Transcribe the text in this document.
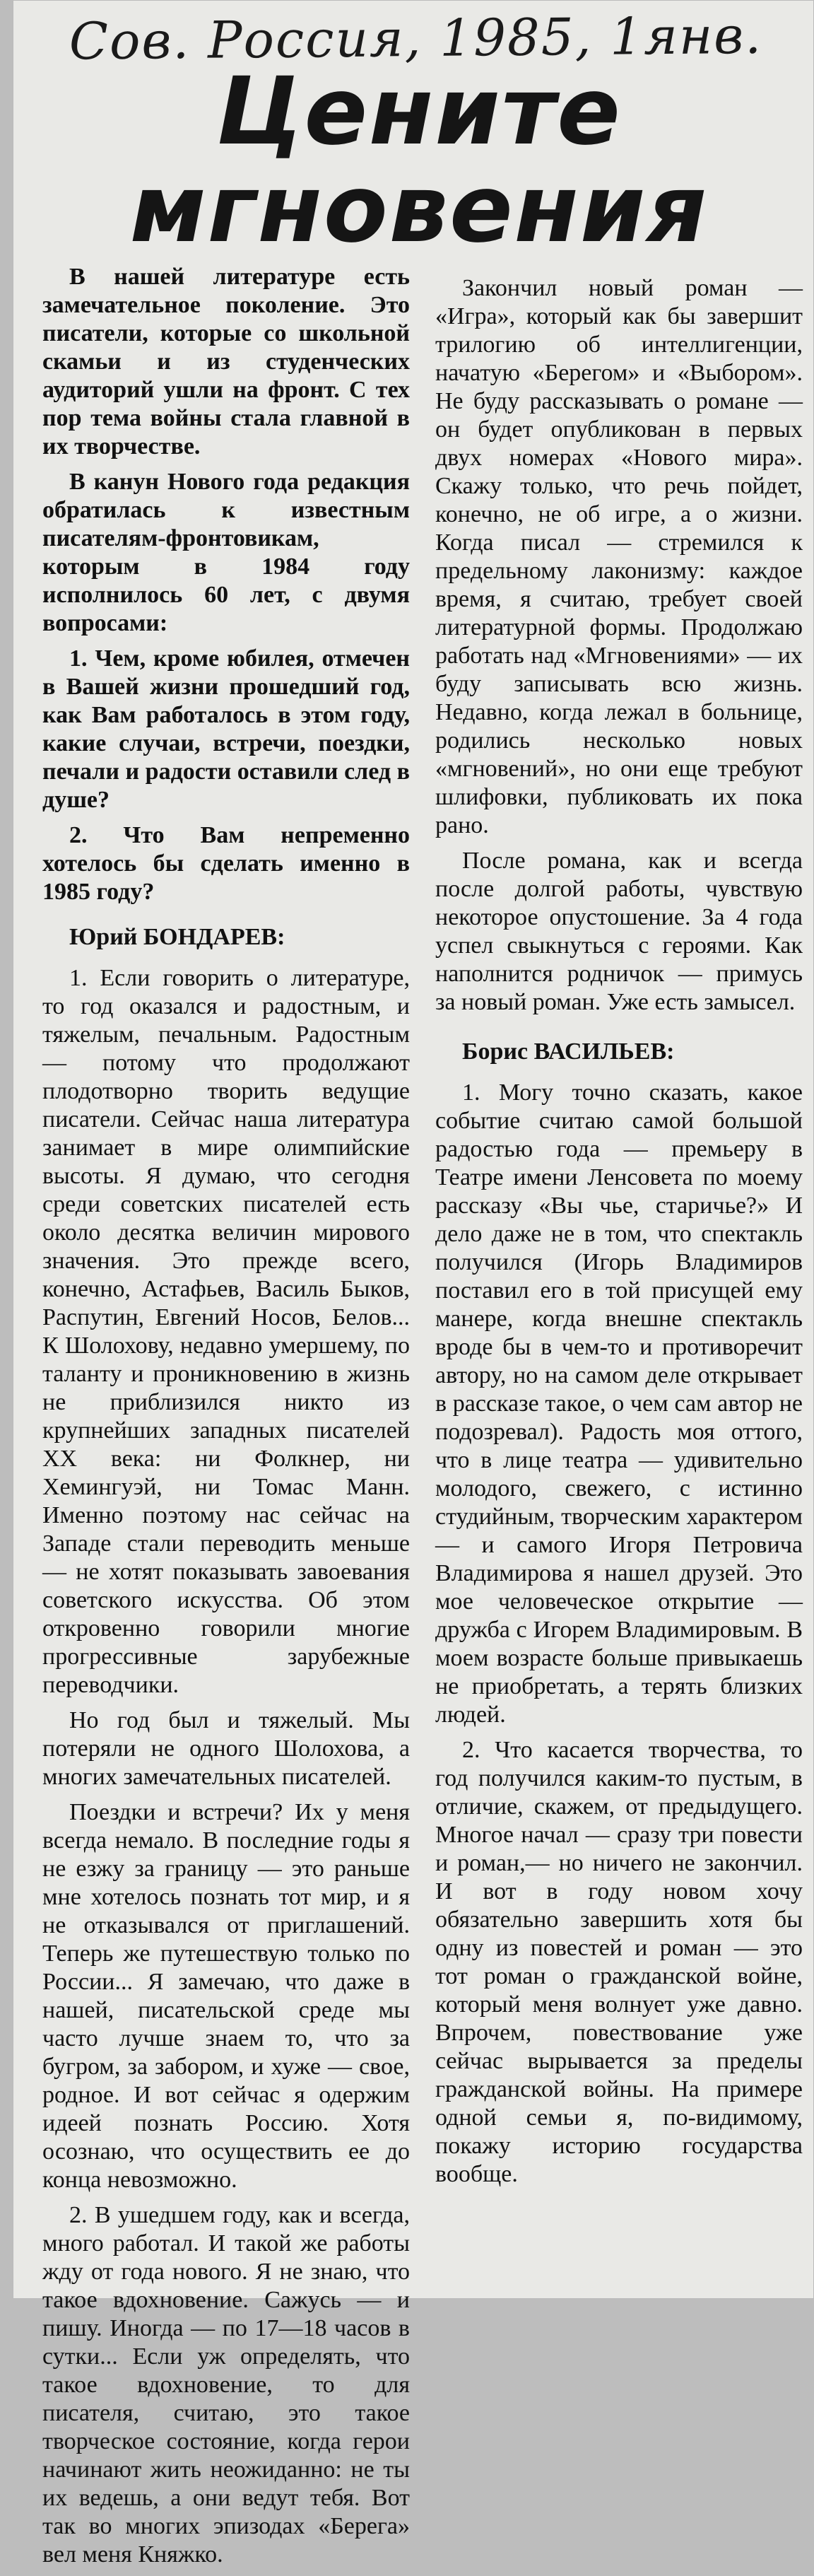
Сов. Россия, 1985, 1янв.
Цените
мгновения

В нашей литературе есть замечательное поколение. Это писатели, которые со школьной скамьи и из студенческих аудиторий ушли на фронт. С тех пор тема войны стала главной в их творчестве.

В канун Нового года редакция обратилась к известным писателям-фронтовикам, которым в 1984 году исполнилось 60 лет, с двумя вопросами:

1. Чем, кроме юбилея, отмечен в Вашей жизни прошедший год, как Вам работалось в этом году, какие случаи, встречи, поездки, печали и радости оставили след в душе?

2. Что Вам непременно хотелось бы сделать именно в 1985 году?

Юрий БОНДАРЕВ:

1. Если говорить о литературе, то год оказался и радостным, и тяжелым, печальным. Радостным — потому что продолжают плодотворно творить ведущие писатели. Сейчас наша литература занимает в мире олимпийские высоты. Я думаю, что сегодня среди советских писателей есть около десятка величин мирового значения. Это прежде всего, конечно, Астафьев, Василь Быков, Распутин, Евгений Носов, Белов... К Шолохову, недавно умершему, по таланту и проникновению в жизнь не приблизился никто из крупнейших западных писателей XX века: ни Фолкнер, ни Хемингуэй, ни Томас Манн. Именно поэтому нас сейчас на Западе стали переводить меньше — не хотят показывать завоевания советского искусства. Об этом откровенно говорили многие прогрессивные зарубежные переводчики.

Но год был и тяжелый. Мы потеряли не одного Шолохова, а многих замечательных писателей.

Поездки и встречи? Их у меня всегда немало. В последние годы я не езжу за границу — это раньше мне хотелось познать тот мир, и я не отказывался от приглашений. Теперь же путешествую только по России... Я замечаю, что даже в нашей, писательской среде мы часто лучше знаем то, что за бугром, за забором, и хуже — свое, родное. И вот сейчас я одержим идеей познать Россию. Хотя осознаю, что осуществить ее до конца невозможно.

2. В ушедшем году, как и всегда, много работал. И такой же работы жду от года нового. Я не знаю, что такое вдохновение. Сажусь — и пишу. Иногда — по 17—18 часов в сутки... Если уж определять, что такое вдохновение, то для писателя, считаю, это такое творческое состояние, когда герои начинают жить неожиданно: не ты их ведешь, а они ведут тебя. Вот так во многих эпизодах «Берега» вел меня Княжко.

Закончил новый роман — «Игра», который как бы завершит трилогию об интеллигенции, начатую «Берегом» и «Выбором». Не буду рассказывать о романе — он будет опубликован в первых двух номерах «Нового мира». Скажу только, что речь пойдет, конечно, не об игре, а о жизни. Когда писал — стремился к предельному лаконизму: каждое время, я считаю, требует своей литературной формы. Продолжаю работать над «Мгновениями» — их буду записывать всю жизнь. Недавно, когда лежал в больнице, родились несколько новых «мгновений», но они еще требуют шлифовки, публиковать их пока рано.

После романа, как и всегда после долгой работы, чувствую некоторое опустошение. За 4 года успел свыкнуться с героями. Как наполнится родничок — примусь за новый роман. Уже есть замысел.

Борис ВАСИЛЬЕВ:

1. Могу точно сказать, какое событие считаю самой большой радостью года — премьеру в Театре имени Ленсовета по моему рассказу «Вы чье, старичье?» И дело даже не в том, что спектакль получился (Игорь Владимиров поставил его в той присущей ему манере, когда внешне спектакль вроде бы в чем-то и противоречит автору, но на самом деле открывает в рассказе такое, о чем сам автор не подозревал). Радость моя оттого, что в лице театра — удивительно молодого, свежего, с истинно студийным, творческим характером — и самого Игоря Петровича Владимирова я нашел друзей. Это мое человеческое открытие — дружба с Игорем Владимировым. В моем возрасте больше привыкаешь не приобретать, а терять близких людей.

2. Что касается творчества, то год получился каким-то пустым, в отличие, скажем, от предыдущего. Многое начал — сразу три повести и роман,— но ничего не закончил. И вот в году новом хочу обязательно завершить хотя бы одну из повестей и роман — это тот роман о гражданской войне, который меня волнует уже давно. Впрочем, повествование уже сейчас вырывается за пределы гражданской войны. На примере одной семьи я, по-видимому, покажу историю государства вообще.
